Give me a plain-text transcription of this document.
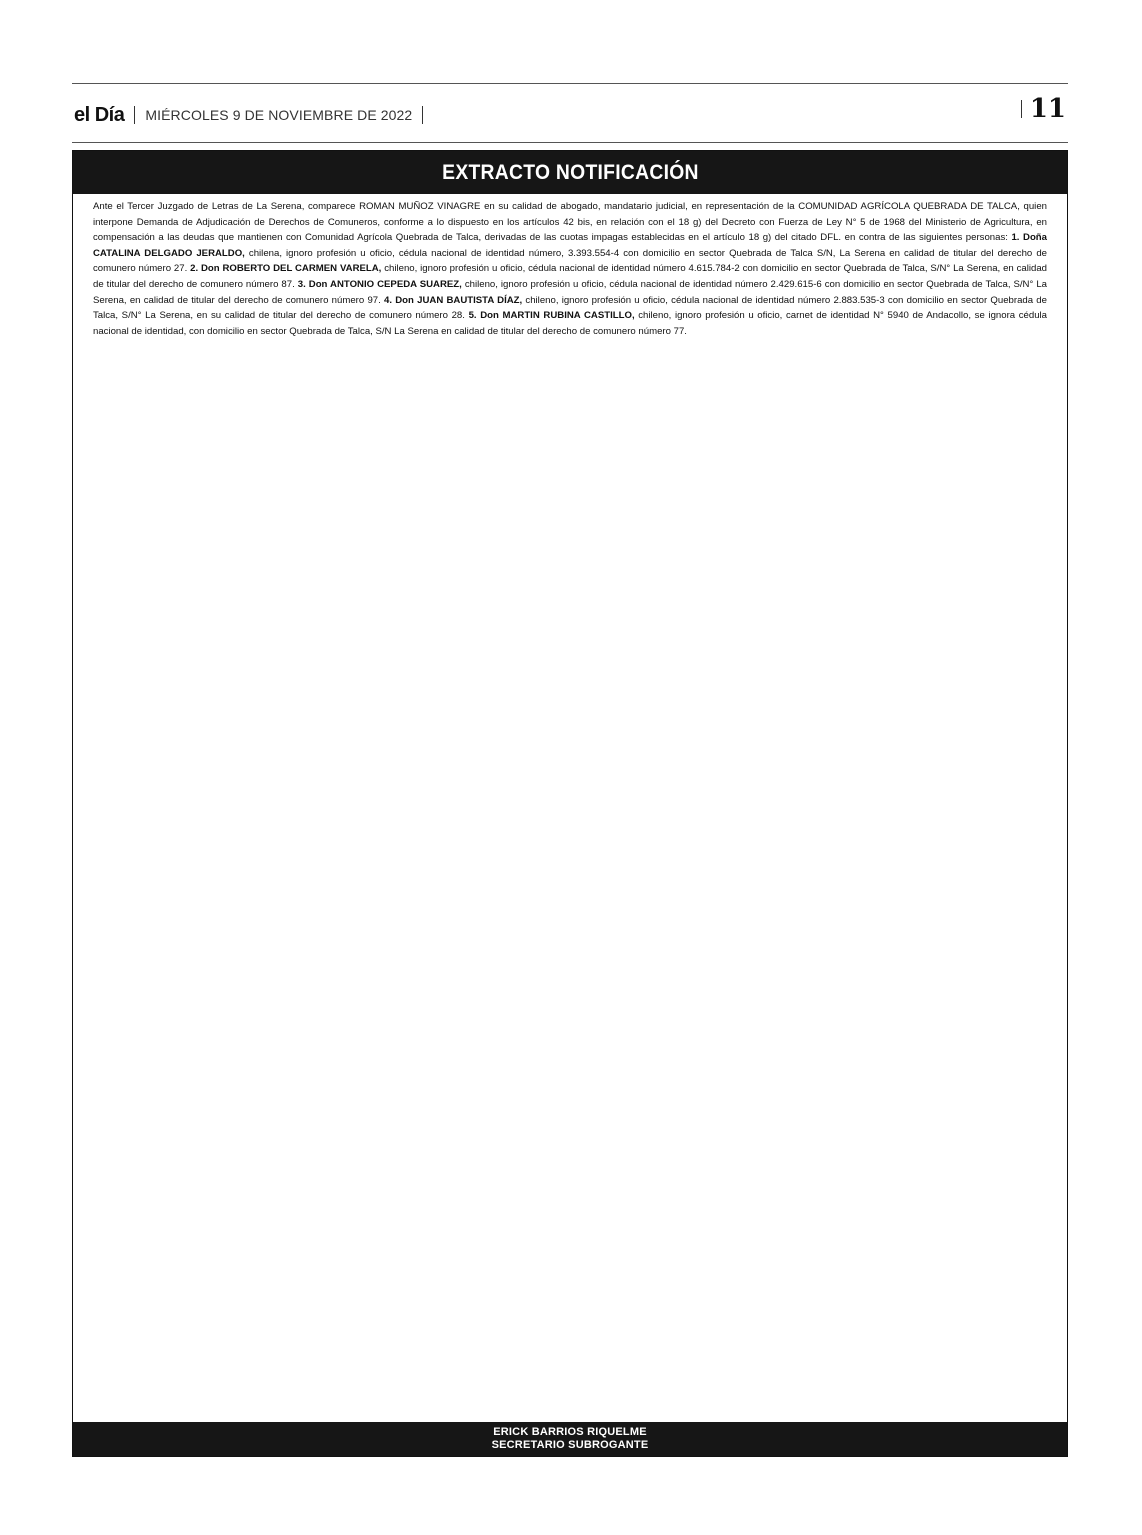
el Día MIÉRCOLES 9 DE NOVIEMBRE DE 2022	11
EXTRACTO NOTIFICACIÓN
Ante el Tercer Juzgado de Letras de La Serena, comparece ROMAN MUÑOZ VINAGRE en su calidad de abogado, mandatario judicial, en representación de la COMUNIDAD AGRÍCOLA QUEBRADA DE TALCA, quien interpone Demanda de Adjudicación de Derechos de Comuneros, conforme a lo dispuesto en los artículos 42 bis, en relación con el 18 g) del Decreto con Fuerza de Ley N° 5 de 1968 del Ministerio de Agricultura, en compensación a las deudas que mantienen con Comunidad Agrícola Quebrada de Talca, derivadas de las cuotas impagas establecidas en el artículo 18 g) del citado DFL. en contra de las siguientes personas: 1. Doña CATALINA DELGADO JERALDO, chilena, ignoro profesión u oficio, cédula nacional de identidad número, 3.393.554-4 con domicilio en sector Quebrada de Talca S/N, La Serena en calidad de titular del derecho de comunero número 27. 2. Don ROBERTO DEL CARMEN VARELA, chileno, ignoro profesión u oficio, cédula nacional de identidad número 4.615.784-2 con domicilio en sector Quebrada de Talca, S/N° La Serena, en calidad de titular del derecho de comunero número 87. 3. Don ANTONIO CEPEDA SUAREZ, chileno, ignoro profesión u oficio, cédula nacional de identidad número 2.429.615-6 con domicilio en sector Quebrada de Talca, S/N° La Serena, en calidad de titular del derecho de comunero número 97. 4. Don JUAN BAUTISTA DÍAZ, chileno, ignoro profesión u oficio, cédula nacional de identidad número 2.883.535-3 con domicilio en sector Quebrada de Talca, S/N° La Serena, en su calidad de titular del derecho de comunero número 28. 5. Don MARTIN RUBINA CASTILLO, chileno, ignoro profesión u oficio, carnet de identidad N° 5940 de Andacollo, se ignora cédula nacional de identidad, con domicilio en sector Quebrada de Talca, S/N La Serena en calidad de titular del derecho de comunero número 77.
ERICK BARRIOS RIQUELME
SECRETARIO SUBROGANTE
